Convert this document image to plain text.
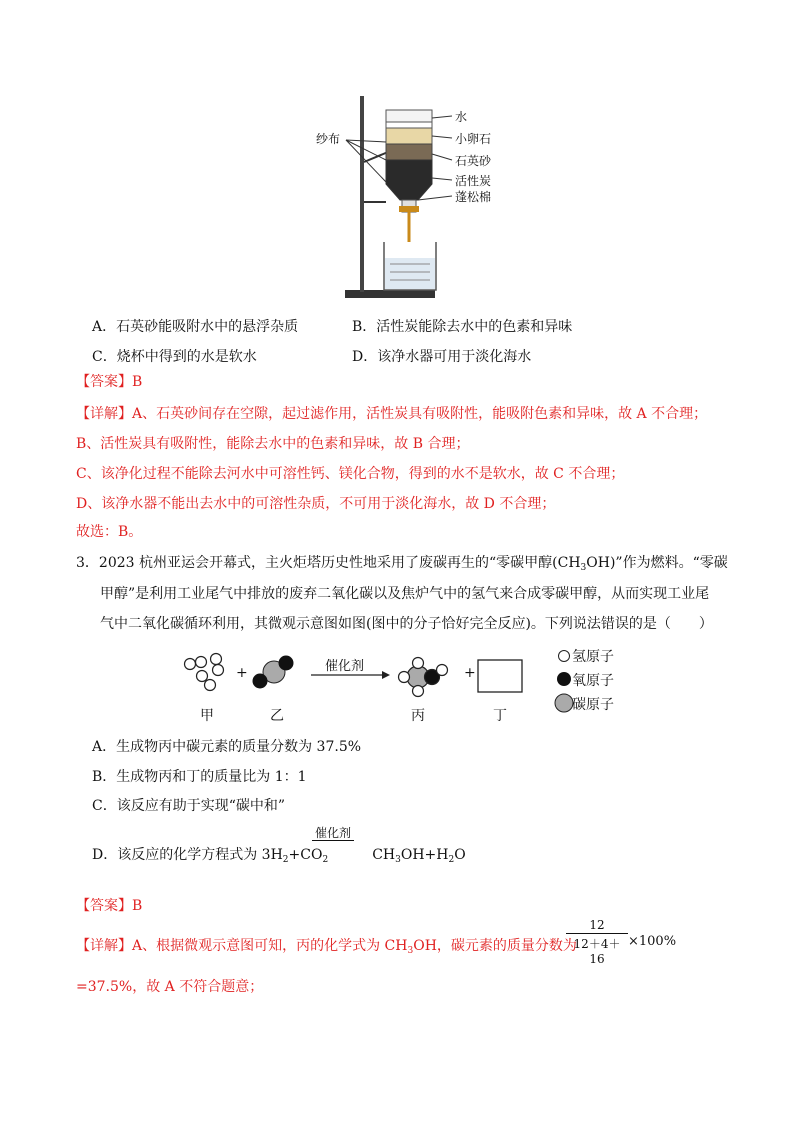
水
小卵石
石英砂
活性炭
蓬松棉
纱布
A．石英砂能吸附水中的悬浮杂质	B．活性炭能除去水中的色素和异味
C．烧杯中得到的水是软水	D．该净水器可用于淡化海水
【答案】B
【详解】A、石英砂间存在空隙，起过滤作用，活性炭具有吸附性，能吸附色素和异味，故 A 不合理；
B、活性炭具有吸附性，能除去水中的色素和异味，故 B 合理；
C、该净化过程不能除去河水中可溶性钙、镁化合物，得到的水不是软水，故 C 不合理；
D、该净水器不能出去水中的可溶性杂质，不可用于淡化海水，故 D 不合理；
故选：B。
3．2023 杭州亚运会开幕式，主火炬塔历史性地采用了废碳再生的“零碳甲醇$(CH_3OH)$”作为燃料。“零碳
甲醇”是利用工业尾气中排放的废弃二氧化碳以及焦炉气中的氢气来合成零碳甲醇，从而实现工业尾
气中二氧化碳循环利用，其微观示意图如图(图中的分子恰好完全反应)。下列说法错误的是（　　）
+	+
催化剂
甲	乙	丙	丁
氢原子
氧原子
碳原子
A．生成物丙中碳元素的质量分数为 37.5%
B．生成物丙和丁的质量比为 1：1
C．该反应有助于实现“碳中和”
催化剂
D．该反应的化学方程式为 $3H_2+CO_2$	$CH_3OH+H_2O$
【答案】B
【详解】A、根据微观示意图可知，丙的化学式为 $CH_3OH$，碳元素的质量分数为
12
12＋4＋16
×100%
=37.5%，故 A 不符合题意；
